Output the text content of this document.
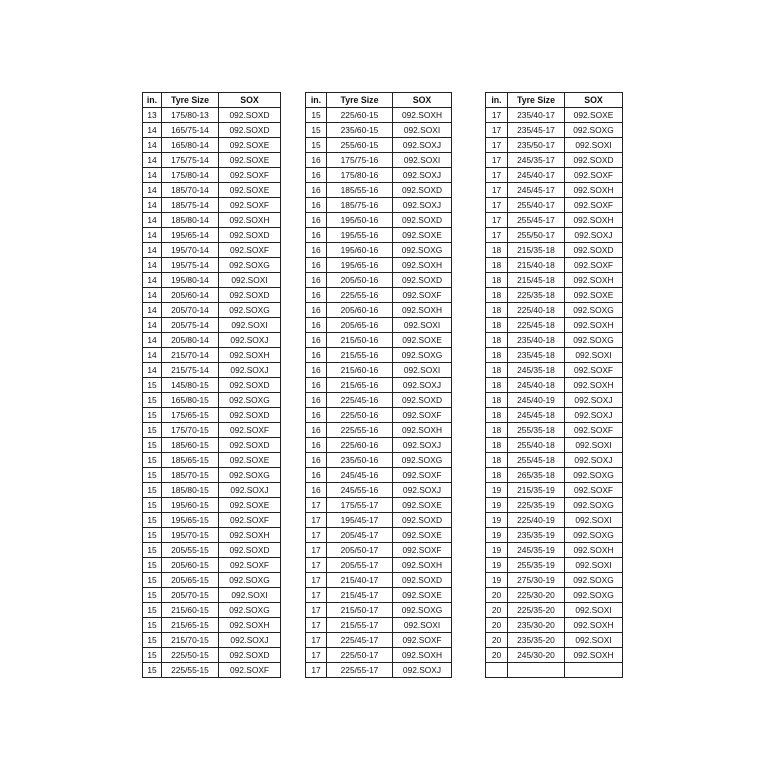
in.	Tyre Size	SOX
13	175/80-13	092.SOXD
14	165/75-14	092.SOXD
14	165/80-14	092.SOXE
14	175/75-14	092.SOXE
14	175/80-14	092.SOXF
14	185/70-14	092.SOXE
14	185/75-14	092.SOXF
14	185/80-14	092.SOXH
14	195/65-14	092.SOXD
14	195/70-14	092.SOXF
14	195/75-14	092.SOXG
14	195/80-14	092.SOXI
14	205/60-14	092.SOXD
14	205/70-14	092.SOXG
14	205/75-14	092.SOXI
14	205/80-14	092.SOXJ
14	215/70-14	092.SOXH
14	215/75-14	092.SOXJ
15	145/80-15	092.SOXD
15	165/80-15	092.SOXG
15	175/65-15	092.SOXD
15	175/70-15	092.SOXF
15	185/60-15	092.SOXD
15	185/65-15	092.SOXE
15	185/70-15	092.SOXG
15	185/80-15	092.SOXJ
15	195/60-15	092.SOXE
15	195/65-15	092.SOXF
15	195/70-15	092.SOXH
15	205/55-15	092.SOXD
15	205/60-15	092.SOXF
15	205/65-15	092.SOXG
15	205/70-15	092.SOXI
15	215/60-15	092.SOXG
15	215/65-15	092.SOXH
15	215/70-15	092.SOXJ
15	225/50-15	092.SOXD
15	225/55-15	092.SOXF
in.	Tyre Size	SOX
15	225/60-15	092.SOXH
15	235/60-15	092.SOXI
15	255/60-15	092.SOXJ
16	175/75-16	092.SOXI
16	175/80-16	092.SOXJ
16	185/55-16	092.SOXD
16	185/75-16	092.SOXJ
16	195/50-16	092.SOXD
16	195/55-16	092.SOXE
16	195/60-16	092.SOXG
16	195/65-16	092.SOXH
16	205/50-16	092.SOXD
16	225/55-16	092.SOXF
16	205/60-16	092.SOXH
16	205/65-16	092.SOXI
16	215/50-16	092.SOXE
16	215/55-16	092.SOXG
16	215/60-16	092.SOXI
16	215/65-16	092.SOXJ
16	225/45-16	092.SOXD
16	225/50-16	092.SOXF
16	225/55-16	092.SOXH
16	225/60-16	092.SOXJ
16	235/50-16	092.SOXG
16	245/45-16	092.SOXF
16	245/55-16	092.SOXJ
17	175/55-17	092.SOXE
17	195/45-17	092.SOXD
17	205/45-17	092.SOXE
17	205/50-17	092.SOXF
17	205/55-17	092.SOXH
17	215/40-17	092.SOXD
17	215/45-17	092.SOXE
17	215/50-17	092.SOXG
17	215/55-17	092.SOXI
17	225/45-17	092.SOXF
17	225/50-17	092.SOXH
17	225/55-17	092.SOXJ
in.	Tyre Size	SOX
17	235/40-17	092.SOXE
17	235/45-17	092.SOXG
17	235/50-17	092.SOXI
17	245/35-17	092.SOXD
17	245/40-17	092.SOXF
17	245/45-17	092.SOXH
17	255/40-17	092.SOXF
17	255/45-17	092.SOXH
17	255/50-17	092.SOXJ
18	215/35-18	092.SOXD
18	215/40-18	092.SOXF
18	215/45-18	092.SOXH
18	225/35-18	092.SOXE
18	225/40-18	092.SOXG
18	225/45-18	092.SOXH
18	235/40-18	092.SOXG
18	235/45-18	092.SOXI
18	245/35-18	092.SOXF
18	245/40-18	092.SOXH
18	245/40-19	092.SOXJ
18	245/45-18	092.SOXJ
18	255/35-18	092.SOXF
18	255/40-18	092.SOXI
18	255/45-18	092.SOXJ
18	265/35-18	092.SOXG
19	215/35-19	092.SOXF
19	225/35-19	092.SOXG
19	225/40-19	092.SOXI
19	235/35-19	092.SOXG
19	245/35-19	092.SOXH
19	255/35-19	092.SOXI
19	275/30-19	092.SOXG
20	225/30-20	092.SOXG
20	225/35-20	092.SOXI
20	235/30-20	092.SOXH
20	235/35-20	092.SOXI
20	245/30-20	092.SOXH
